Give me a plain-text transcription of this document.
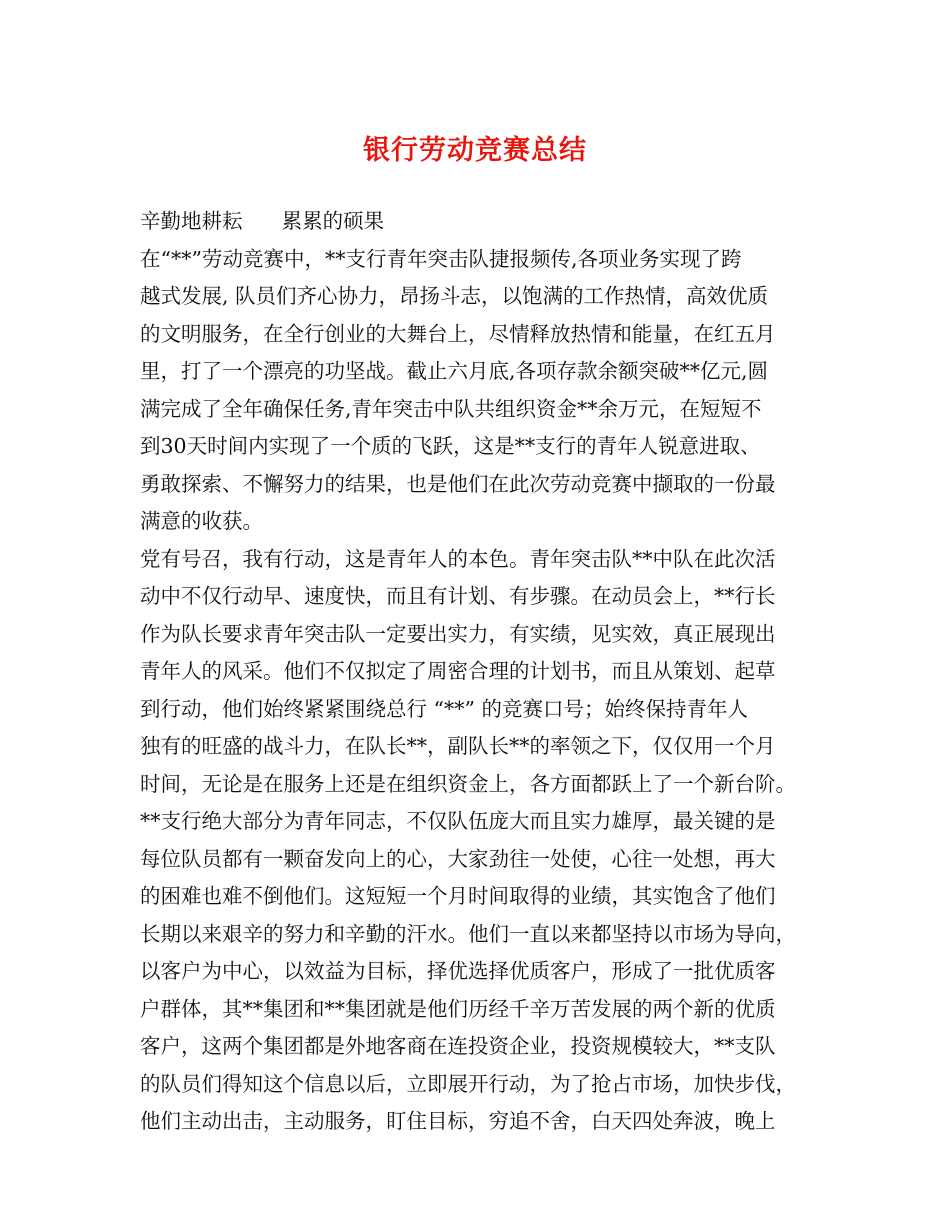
银行劳动竞赛总结
辛勤地耕耘      累累的硕果
在“**”劳动竞赛中，**支行青年突击队捷报频传,各项业务实现了跨
越式发展, 队员们齐心协力，昂扬斗志，以饱满的工作热情，高效优质
的文明服务，在全行创业的大舞台上，尽情释放热情和能量，在红五月
里，打了一个漂亮的功坚战。截止六月底,各项存款余额突破**亿元,圆
满完成了全年确保任务,青年突击中队共组织资金**余万元，在短短不
到30天时间内实现了一个质的飞跃，这是**支行的青年人锐意进取、
勇敢探索、不懈努力的结果，也是他们在此次劳动竞赛中撷取的一份最
满意的收获。
党有号召，我有行动，这是青年人的本色。青年突击队**中队在此次活
动中不仅行动早、速度快，而且有计划、有步骤。在动员会上，**行长
作为队长要求青年突击队一定要出实力，有实绩，见实效，真正展现出
青年人的风采。他们不仅拟定了周密合理的计划书，而且从策划、起草
到行动，他们始终紧紧围绕总行 “**” 的竞赛口号；始终保持青年人
独有的旺盛的战斗力，在队长**，副队长**的率领之下，仅仅用一个月
时间，无论是在服务上还是在组织资金上，各方面都跃上了一个新台阶。
**支行绝大部分为青年同志，不仅队伍庞大而且实力雄厚，最关键的是
每位队员都有一颗奋发向上的心，大家劲往一处使，心往一处想，再大
的困难也难不倒他们。这短短一个月时间取得的业绩，其实饱含了他们
长期以来艰辛的努力和辛勤的汗水。他们一直以来都坚持以市场为导向，
以客户为中心，以效益为目标，择优选择优质客户，形成了一批优质客
户群体，其**集团和**集团就是他们历经千辛万苦发展的两个新的优质
客户，这两个集团都是外地客商在连投资企业，投资规模较大，**支队
的队员们得知这个信息以后，立即展开行动，为了抢占市场，加快步伐，
他们主动出击，主动服务，盯住目标，穷追不舍，白天四处奔波，晚上
